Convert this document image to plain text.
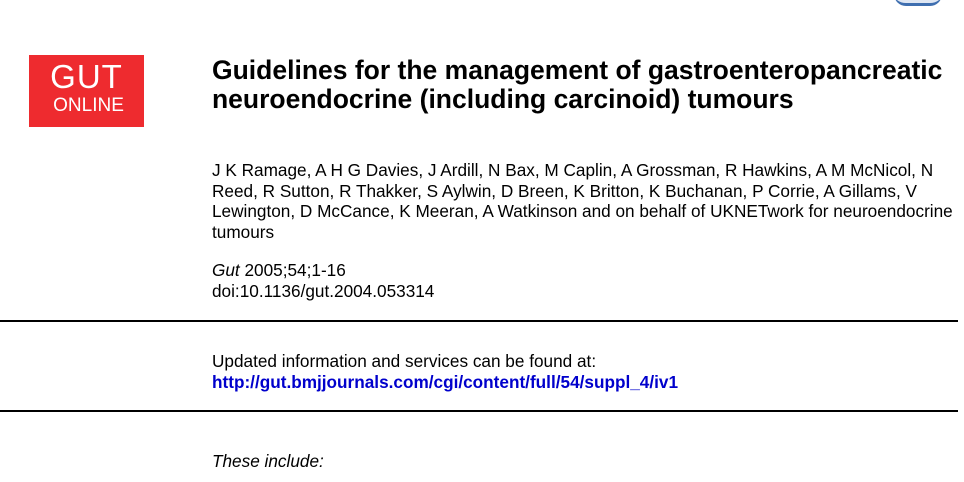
GUT
ONLINE
Guidelines for the management of gastroenteropancreatic neuroendocrine (including carcinoid) tumours

J K Ramage, A H G Davies, J Ardill, N Bax, M Caplin, A Grossman, R Hawkins, A M McNicol, N Reed, R Sutton, R Thakker, S Aylwin, D Breen, K Britton, K Buchanan, P Corrie, A Gillams, V Lewington, D McCance, K Meeran, A Watkinson and on behalf of UKNETwork for neuroendocrine tumours

Gut 2005;54;1-16
doi:10.1136/gut.2004.053314
Updated information and services can be found at:
http://gut.bmjjournals.com/cgi/content/full/54/suppl_4/iv1
These include:
